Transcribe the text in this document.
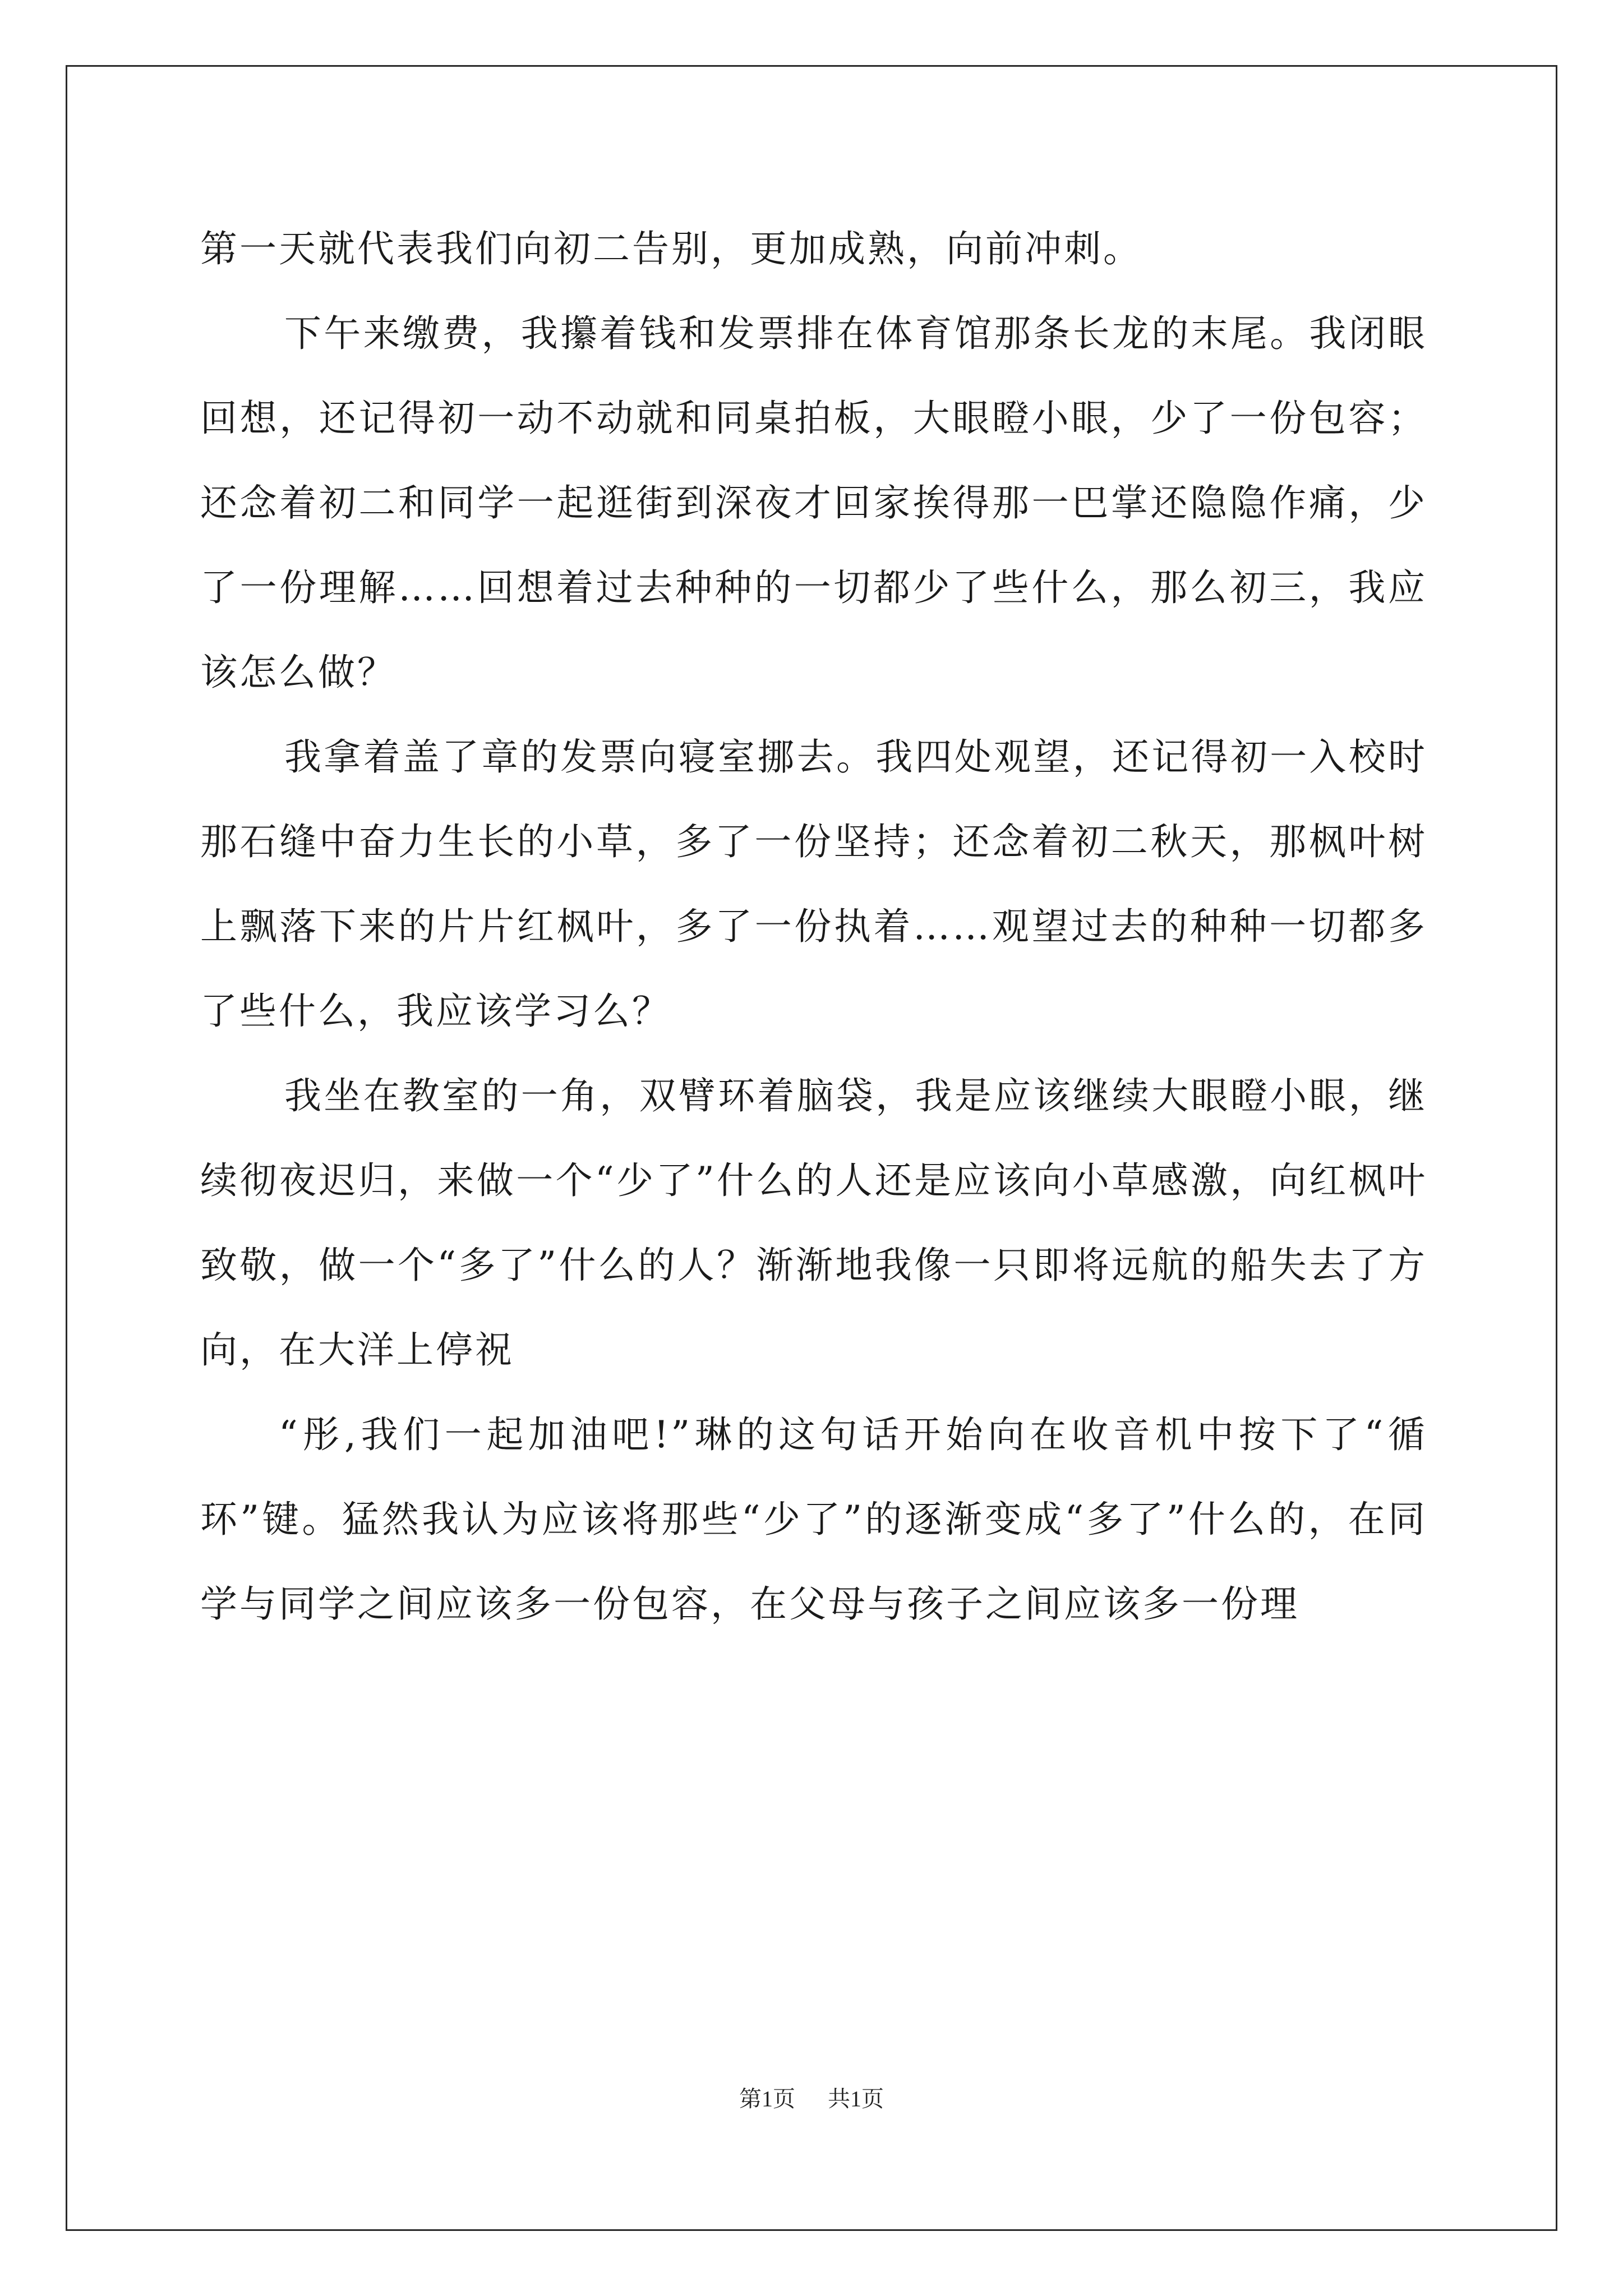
第一天就代表我们向初二告别，更加成熟，向前冲刺。

下午来缴费，我攥着钱和发票排在体育馆那条长龙的末尾。我闭眼回想，还记得初一动不动就和同桌拍板，大眼瞪小眼，少了一份包容；还念着初二和同学一起逛街到深夜才回家挨得那一巴掌还隐隐作痛，少了一份理解……回想着过去种种的一切都少了些什么，那么初三，我应该怎么做？

我拿着盖了章的发票向寝室挪去。我四处观望，还记得初一入校时那石缝中奋力生长的小草，多了一份坚持；还念着初二秋天，那枫叶树上飘落下来的片片红枫叶，多了一份执着……观望过去的种种一切都多了些什么，我应该学习么？

我坐在教室的一角，双臂环着脑袋，我是应该继续大眼瞪小眼，继续彻夜迟归，来做一个“少了”什么的人还是应该向小草感激，向红枫叶致敬，做一个“多了”什么的人？渐渐地我像一只即将远航的船失去了方向，在大洋上停祝

“彤,我们一起加油吧!”琳的这句话开始向在收音机中按下了“循环”键。猛然我认为应该将那些“少了”的逐渐变成“多了”什么的，在同学与同学之间应该多一份包容，在父母与孩子之间应该多一份理

第1页 共1页
